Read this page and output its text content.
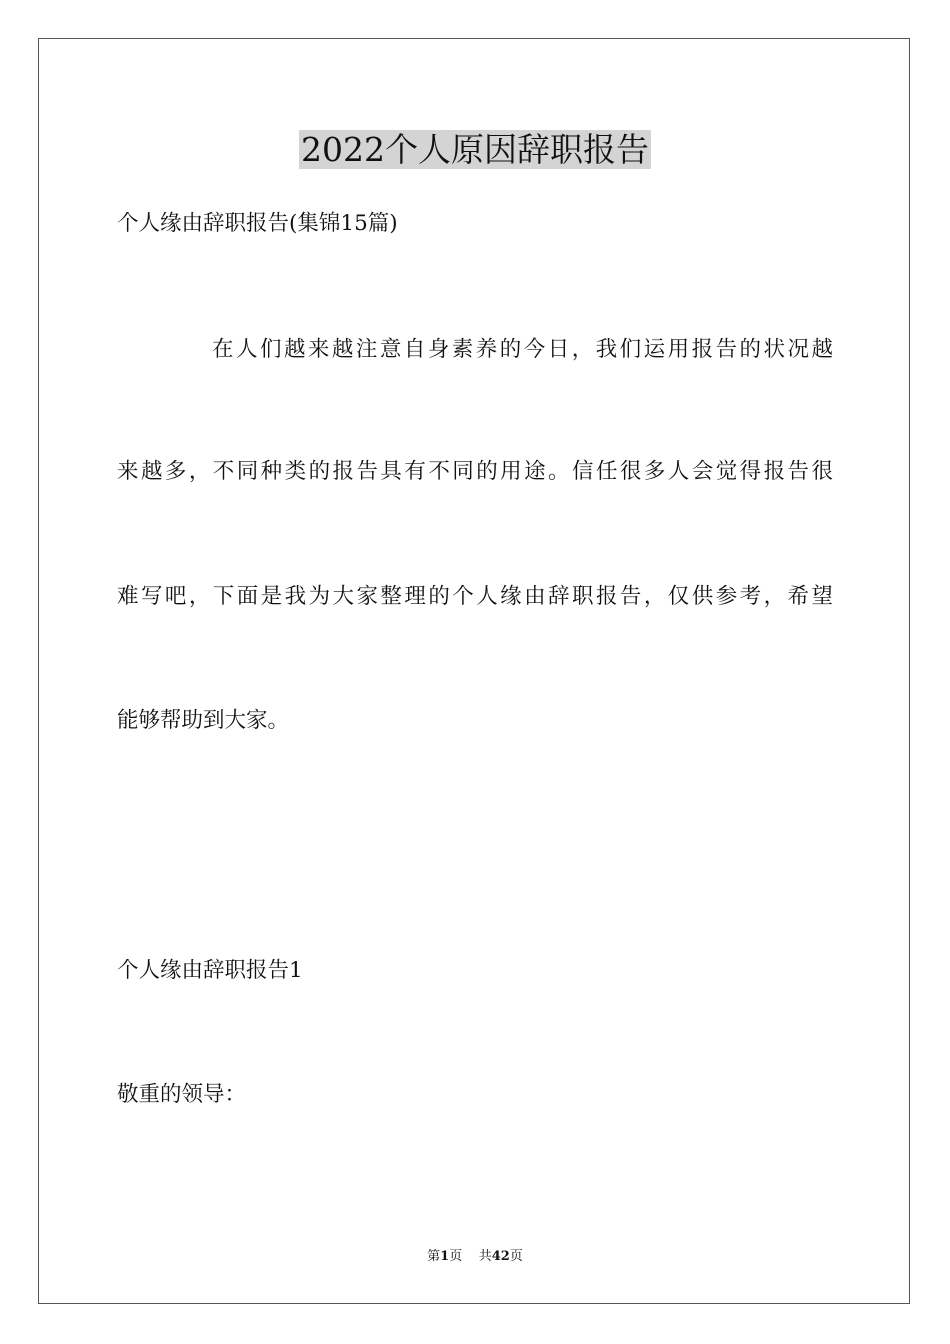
2022个人原因辞职报告

个人缘由辞职报告(集锦15篇)

在人们越来越注意自身素养的今日，我们运用报告的状况越

来越多，不同种类的报告具有不同的用途。信任很多人会觉得报告很

难写吧，下面是我为大家整理的个人缘由辞职报告，仅供参考，希望

能够帮助到大家。

个人缘由辞职报告1

敬重的领导：

第1页 共42页
